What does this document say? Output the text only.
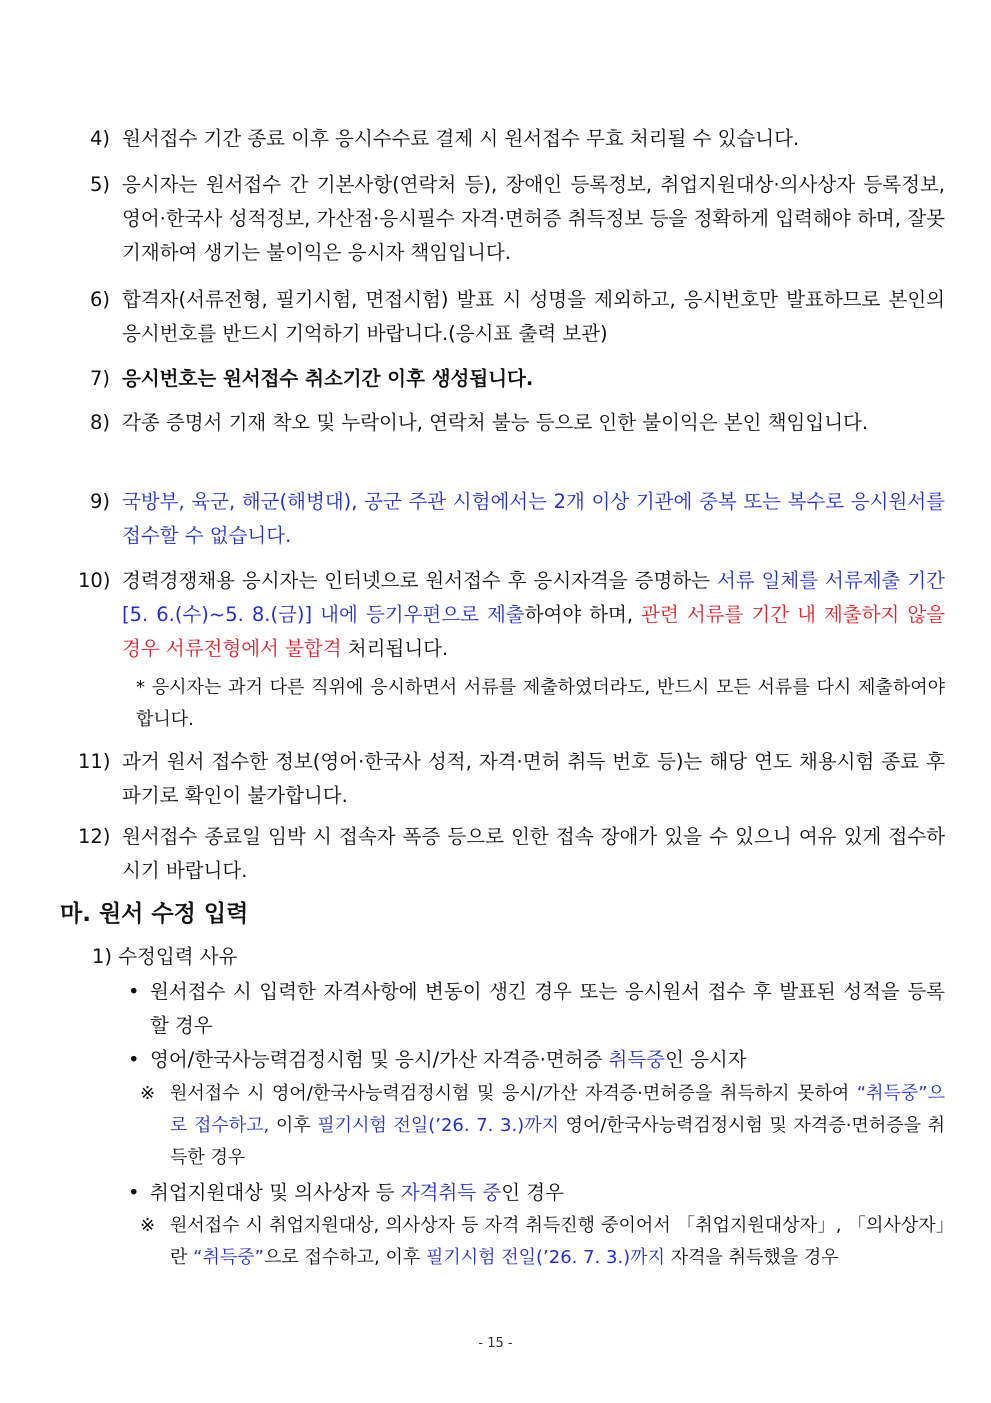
4) 원서접수 기간 종료 이후 응시수수료 결제 시 원서접수 무효 처리될 수 있습니다.
5) 응시자는 원서접수 간 기본사항(연락처 등), 장애인 등록정보, 취업지원대상·의사상자 등록정보, 영어·한국사 성적정보, 가산점·응시필수 자격·면허증 취득정보 등을 정확하게 입력해야 하며, 잘못 기재하여 생기는 불이익은 응시자 책임입니다.
6) 합격자(서류전형, 필기시험, 면접시험) 발표 시 성명을 제외하고, 응시번호만 발표하므로 본인의 응시번호를 반드시 기억하기 바랍니다.(응시표 출력 보관)
7) 응시번호는 원서접수 취소기간 이후 생성됩니다.
8) 각종 증명서 기재 착오 및 누락이나, 연락처 불능 등으로 인한 불이익은 본인 책임입니다.
9) 국방부, 육군, 해군(해병대), 공군 주관 시험에서는 2개 이상 기관에 중복 또는 복수로 응시원서를 접수할 수 없습니다.
10) 경력경쟁채용 응시자는 인터넷으로 원서접수 후 응시자격을 증명하는 서류 일체를 서류제출 기간 [5. 6.(수)~5. 8.(금)] 내에 등기우편으로 제출하여야 하며, 관련 서류를 기간 내 제출하지 않을 경우 서류전형에서 불합격 처리됩니다.
* 응시자는 과거 다른 직위에 응시하면서 서류를 제출하였더라도, 반드시 모든 서류를 다시 제출하여야 합니다.
11) 과거 원서 접수한 정보(영어·한국사 성적, 자격·면허 취득 번호 등)는 해당 연도 채용시험 종료 후 파기로 확인이 불가합니다.
12) 원서접수 종료일 임박 시 접속자 폭증 등으로 인한 접속 장애가 있을 수 있으니 여유 있게 접수하시기 바랍니다.
마. 원서 수정 입력
1) 수정입력 사유
• 원서접수 시 입력한 자격사항에 변동이 생긴 경우 또는 응시원서 접수 후 발표된 성적을 등록할 경우
• 영어/한국사능력검정시험 및 응시/가산 자격증·면허증 취득중인 응시자
※ 원서접수 시 영어/한국사능력검정시험 및 응시/가산 자격증·면허증을 취득하지 못하여 “취득중”으로 접수하고, 이후 필기시험 전일(’26. 7. 3.)까지 영어/한국사능력검정시험 및 자격증·면허증을 취득한 경우
• 취업지원대상 및 의사상자 등 자격취득 중인 경우
※ 원서접수 시 취업지원대상, 의사상자 등 자격 취득진행 중이어서 「취업지원대상자」, 「의사상자」란 “취득중”으로 접수하고, 이후 필기시험 전일(’26. 7. 3.)까지 자격을 취득했을 경우
- 15 -
